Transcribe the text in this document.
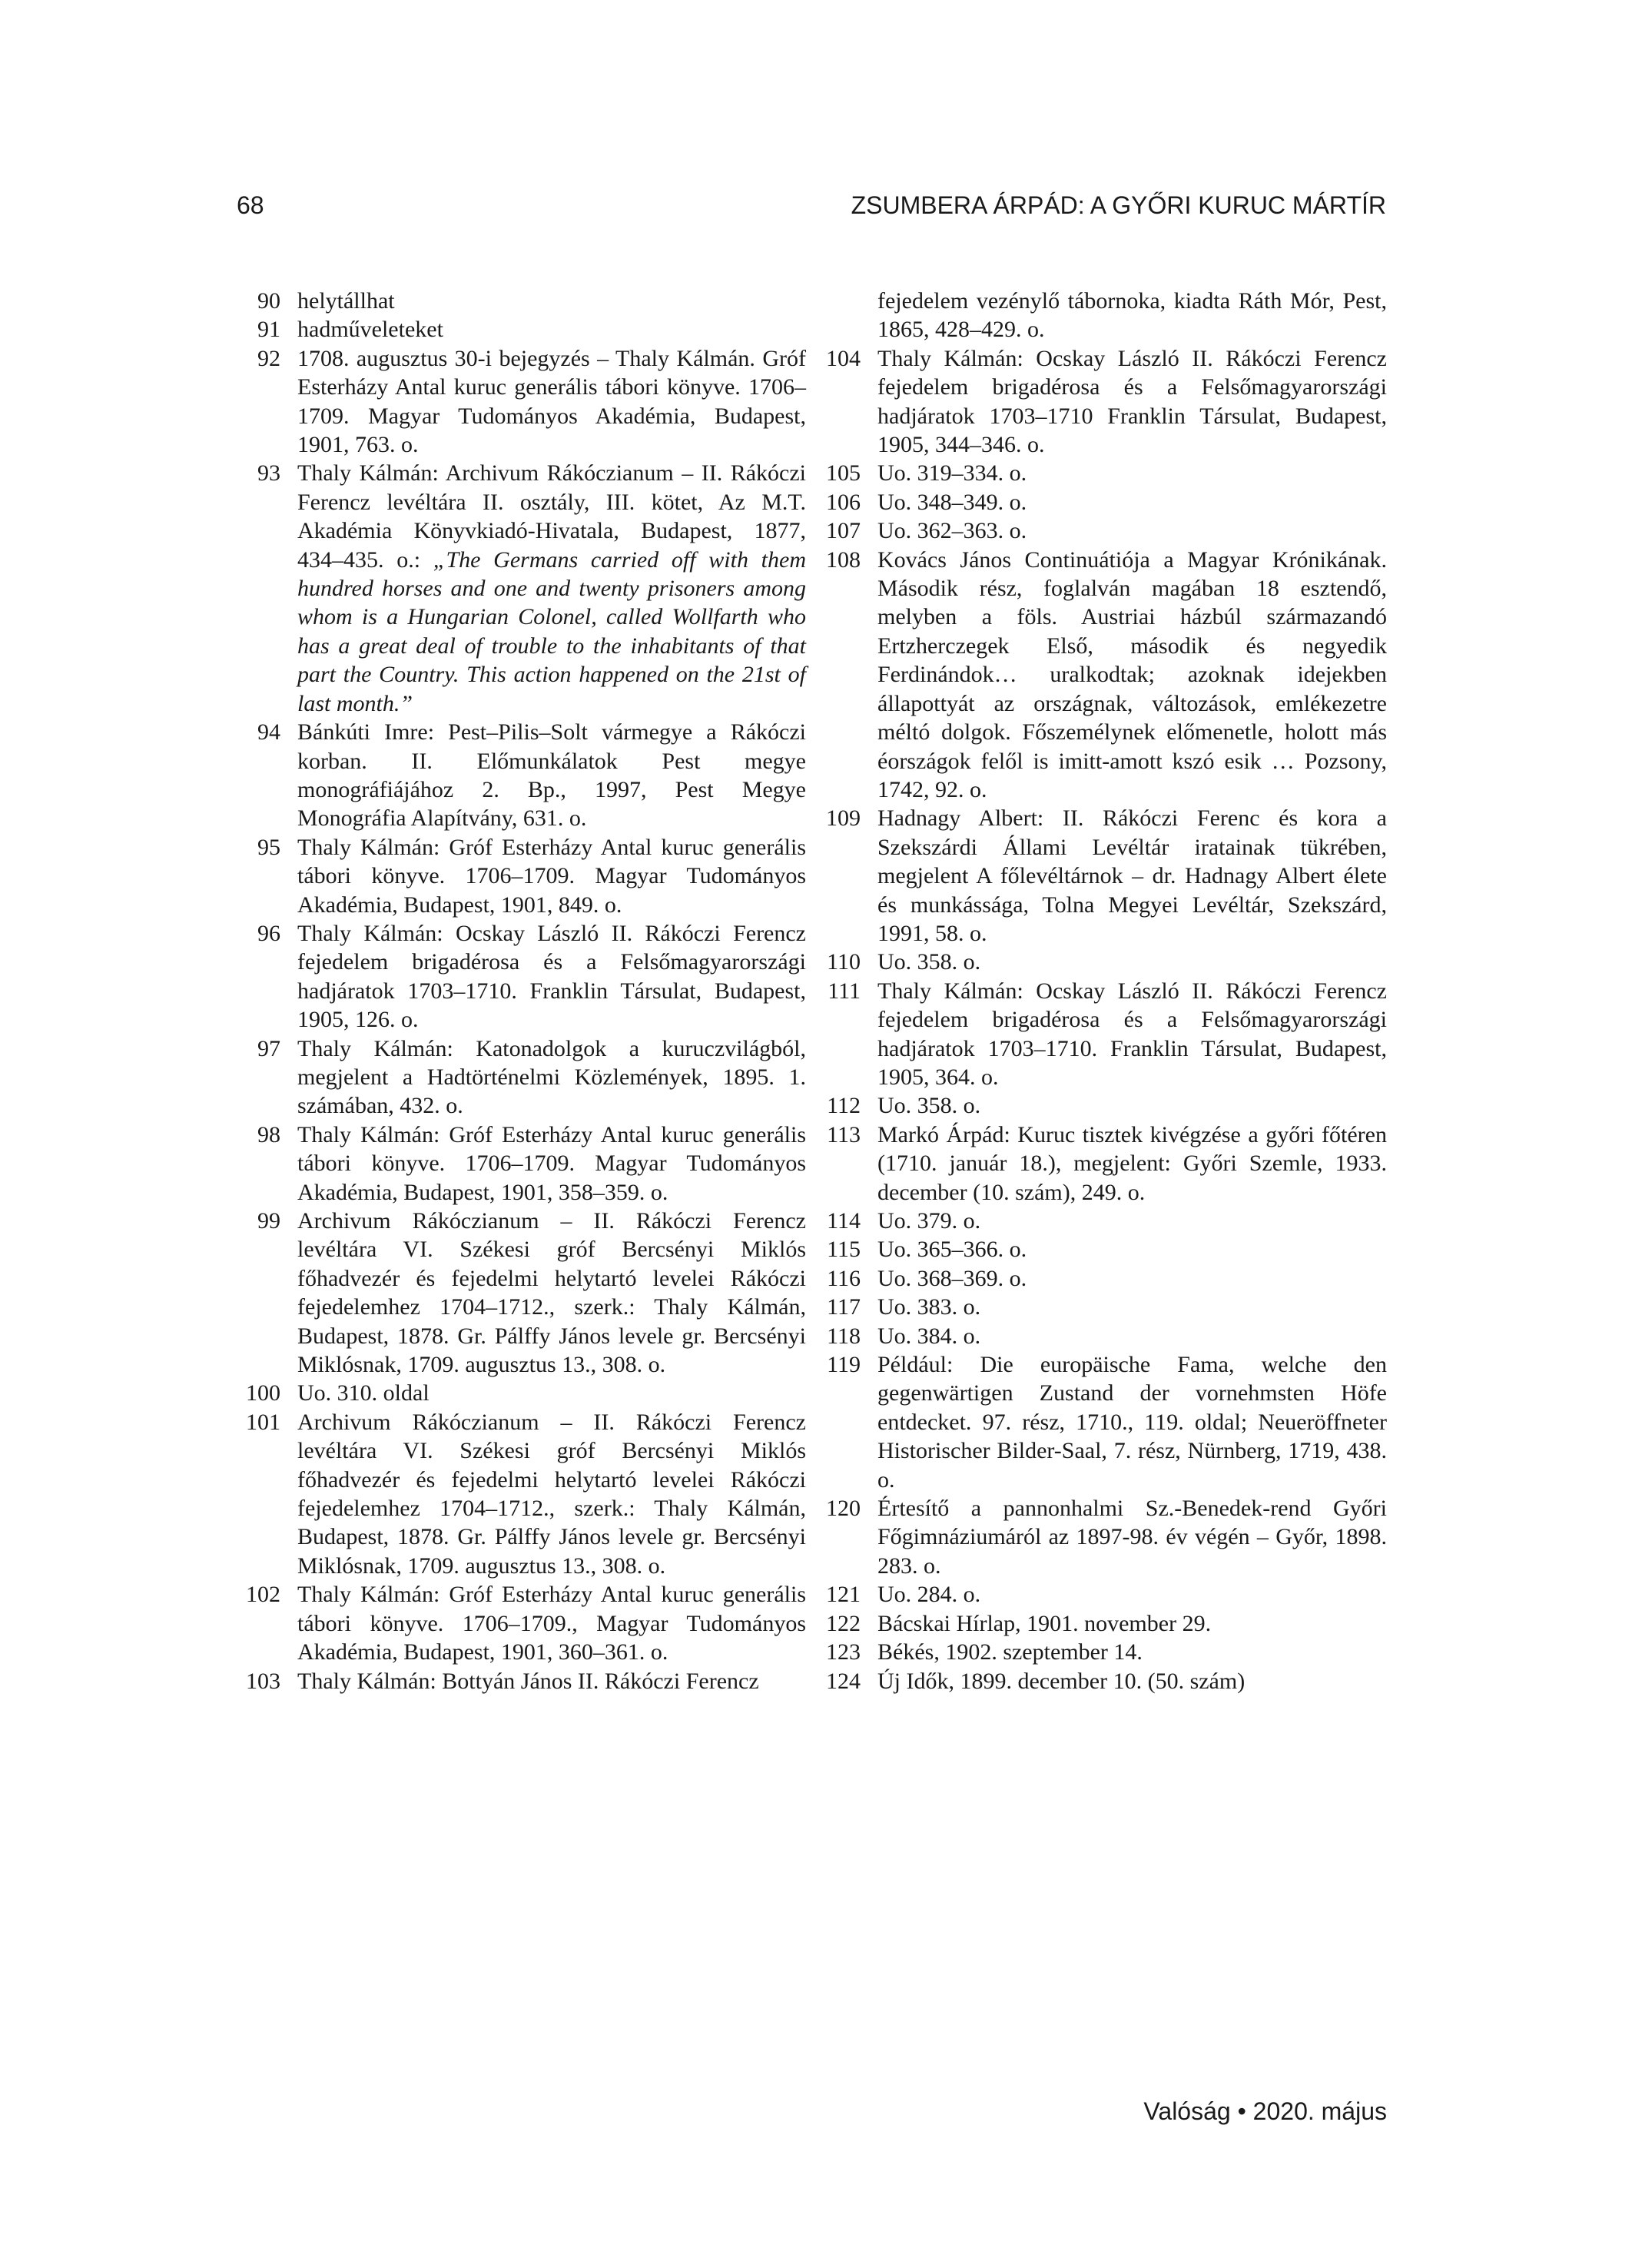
68	ZSUMBERA ÁRPÁD: A GYŐRI KURUC MÁRTÍR
90 helytállhat
91 hadműveleteket
92 1708. augusztus 30-i bejegyzés – Thaly Kálmán. Gróf Esterházy Antal kuruc generális tábori könyve. 1706–1709. Magyar Tudományos Akadémia, Budapest, 1901, 763. o.
93 Thaly Kálmán: Archivum Rákóczianum – II. Rákóczi Ferencz levéltára II. osztály, III. kötet, Az M.T. Akadémia Könyvkiadó-Hivatala, Budapest, 1877, 434–435. o.: „The Germans carried off with them hundred horses and one and twenty prisoners among whom is a Hungarian Colonel, called Wollfarth who has a great deal of trouble to the inhabitants of that part the Country. This action happened on the 21st of last month.”
94 Bánkúti Imre: Pest–Pilis–Solt vármegye a Rákóczi korban. II. Előmunkálatok Pest megye monográfiájához 2. Bp., 1997, Pest Megye Monográfia Alapítvány, 631. o.
95 Thaly Kálmán: Gróf Esterházy Antal kuruc generális tábori könyve. 1706–1709. Magyar Tudományos Akadémia, Budapest, 1901, 849. o.
96 Thaly Kálmán: Ocskay László II. Rákóczi Ferencz fejedelem brigadérosa és a Felsőmagyarországi hadjáratok 1703–1710. Franklin Társulat, Budapest, 1905, 126. o.
97 Thaly Kálmán: Katonadolgok a kuruczvilágból, megjelent a Hadtörténelmi Közlemények, 1895. 1. számában, 432. o.
98 Thaly Kálmán: Gróf Esterházy Antal kuruc generális tábori könyve. 1706–1709. Magyar Tudományos Akadémia, Budapest, 1901, 358–359. o.
99 Archivum Rákóczianum – II. Rákóczi Ferencz levéltára VI. Székesi gróf Bercsényi Miklós főhadvezér és fejedelmi helytartó levelei Rákóczi fejedelemhez 1704–1712., szerk.: Thaly Kálmán, Budapest, 1878. Gr. Pálffy János levele gr. Bercsényi Miklósnak, 1709. augusztus 13., 308. o.
100 Uo. 310. oldal
101 Archivum Rákóczianum – II. Rákóczi Ferencz levéltára VI. Székesi gróf Bercsényi Miklós főhadvezér és fejedelmi helytartó levelei Rákóczi fejedelemhez 1704–1712., szerk.: Thaly Kálmán, Budapest, 1878. Gr. Pálffy János levele gr. Bercsényi Miklósnak, 1709. augusztus 13., 308. o.
102 Thaly Kálmán: Gróf Esterházy Antal kuruc generális tábori könyve. 1706–1709., Magyar Tudományos Akadémia, Budapest, 1901, 360–361. o.
103 Thaly Kálmán: Bottyán János II. Rákóczi Ferencz
fejedelem vezénylő tábornoka, kiadta Ráth Mór, Pest, 1865, 428–429. o.
104 Thaly Kálmán: Ocskay László II. Rákóczi Ferencz fejedelem brigadérosa és a Felsőmagyarországi hadjáratok 1703–1710 Franklin Társulat, Budapest, 1905, 344–346. o.
105 Uo. 319–334. o.
106 Uo. 348–349. o.
107 Uo. 362–363. o.
108 Kovács János Continuátiója a Magyar Krónikának. Második rész, foglalván magában 18 esztendő, melyben a föls. Austriai házbúl származandó Ertzherczegek Első, második és negyedik Ferdinándok… uralkodtak; azoknak idejekben állapottyát az országnak, változások, emlékezetre méltó dolgok. Főszemélynek előmenetle, holott más éországok felől is imitt-amott kszó esik … Pozsony, 1742, 92. o.
109 Hadnagy Albert: II. Rákóczi Ferenc és kora a Szekszárdi Állami Levéltár iratainak tükrében, megjelent A főlevéltárnok – dr. Hadnagy Albert élete és munkássága, Tolna Megyei Levéltár, Szekszárd, 1991, 58. o.
110 Uo. 358. o.
111 Thaly Kálmán: Ocskay László II. Rákóczi Ferencz fejedelem brigadérosa és a Felsőmagyarországi hadjáratok 1703–1710. Franklin Társulat, Budapest, 1905, 364. o.
112 Uo. 358. o.
113 Markó Árpád: Kuruc tisztek kivégzése a győri főtéren (1710. január 18.), megjelent: Győri Szemle, 1933. december (10. szám), 249. o.
114 Uo. 379. o.
115 Uo. 365–366. o.
116 Uo. 368–369. o.
117 Uo. 383. o.
118 Uo. 384. o.
119 Például: Die europäische Fama, welche den gegenwärtigen Zustand der vornehmsten Höfe entdecket. 97. rész, 1710., 119. oldal; Neueröffneter Historischer Bilder-Saal, 7. rész, Nürnberg, 1719, 438. o.
120 Értesítő a pannonhalmi Sz.-Benedek-rend Győri Főgimnáziumáról az 1897-98. év végén – Győr, 1898. 283. o.
121 Uo. 284. o.
122 Bácskai Hírlap, 1901. november 29.
123 Békés, 1902. szeptember 14.
124 Új Idők, 1899. december 10. (50. szám)
Valóság • 2020. május
